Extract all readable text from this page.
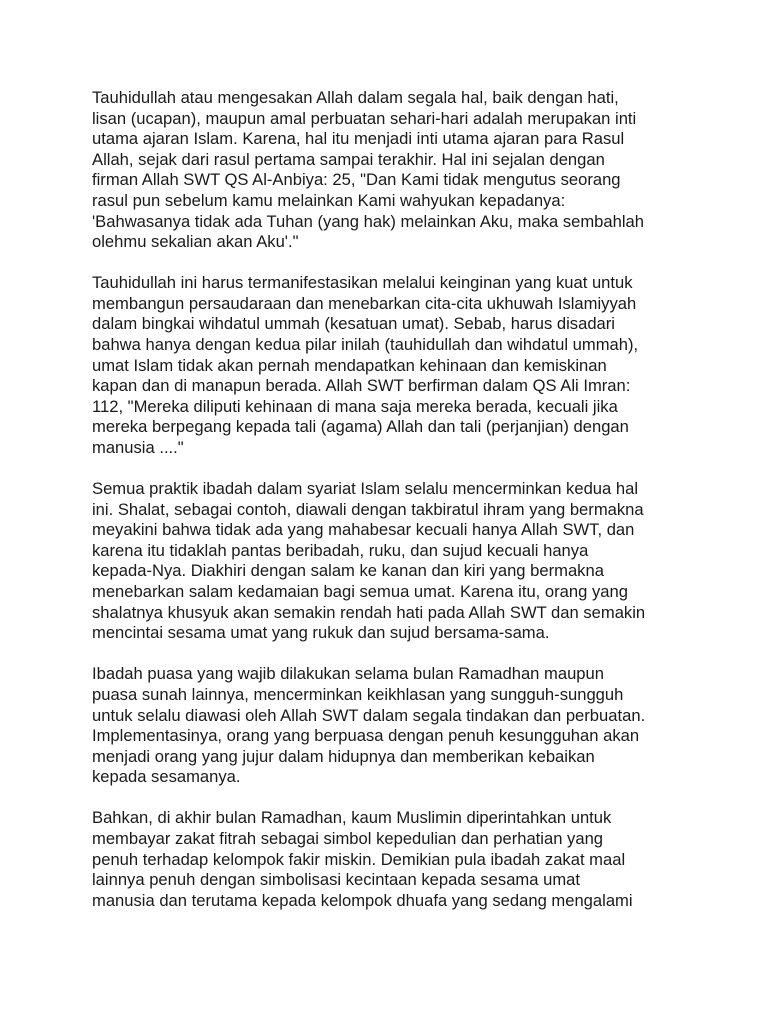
Tauhidullah atau mengesakan Allah dalam segala hal, baik dengan hati,
lisan (ucapan), maupun amal perbuatan sehari-hari adalah merupakan inti
utama ajaran Islam. Karena, hal itu menjadi inti utama ajaran para Rasul
Allah, sejak dari rasul pertama sampai terakhir. Hal ini sejalan dengan
firman Allah SWT QS Al-Anbiya: 25, "Dan Kami tidak mengutus seorang
rasul pun sebelum kamu melainkan Kami wahyukan kepadanya:
'Bahwasanya tidak ada Tuhan (yang hak) melainkan Aku, maka sembahlah
olehmu sekalian akan Aku'."

Tauhidullah ini harus termanifestasikan melalui keinginan yang kuat untuk
membangun persaudaraan dan menebarkan cita-cita ukhuwah Islamiyyah
dalam bingkai wihdatul ummah (kesatuan umat). Sebab, harus disadari
bahwa hanya dengan kedua pilar inilah (tauhidullah dan wihdatul ummah),
umat Islam tidak akan pernah mendapatkan kehinaan dan kemiskinan
kapan dan di manapun berada. Allah SWT berfirman dalam QS Ali Imran:
112, "Mereka diliputi kehinaan di mana saja mereka berada, kecuali jika
mereka berpegang kepada tali (agama) Allah dan tali (perjanjian) dengan
manusia ...."

Semua praktik ibadah dalam syariat Islam selalu mencerminkan kedua hal
ini. Shalat, sebagai contoh, diawali dengan takbiratul ihram yang bermakna
meyakini bahwa tidak ada yang mahabesar kecuali hanya Allah SWT, dan
karena itu tidaklah pantas beribadah, ruku, dan sujud kecuali hanya
kepada-Nya. Diakhiri dengan salam ke kanan dan kiri yang bermakna
menebarkan salam kedamaian bagi semua umat. Karena itu, orang yang
shalatnya khusyuk akan semakin rendah hati pada Allah SWT dan semakin
mencintai sesama umat yang rukuk dan sujud bersama-sama.

Ibadah puasa yang wajib dilakukan selama bulan Ramadhan maupun
puasa sunah lainnya, mencerminkan keikhlasan yang sungguh-sungguh
untuk selalu diawasi oleh Allah SWT dalam segala tindakan dan perbuatan.
Implementasinya, orang yang berpuasa dengan penuh kesungguhan akan
menjadi orang yang jujur dalam hidupnya dan memberikan kebaikan
kepada sesamanya.

Bahkan, di akhir bulan Ramadhan, kaum Muslimin diperintahkan untuk
membayar zakat fitrah sebagai simbol kepedulian dan perhatian yang
penuh terhadap kelompok fakir miskin. Demikian pula ibadah zakat maal
lainnya penuh dengan simbolisasi kecintaan kepada sesama umat
manusia dan terutama kepada kelompok dhuafa yang sedang mengalami
